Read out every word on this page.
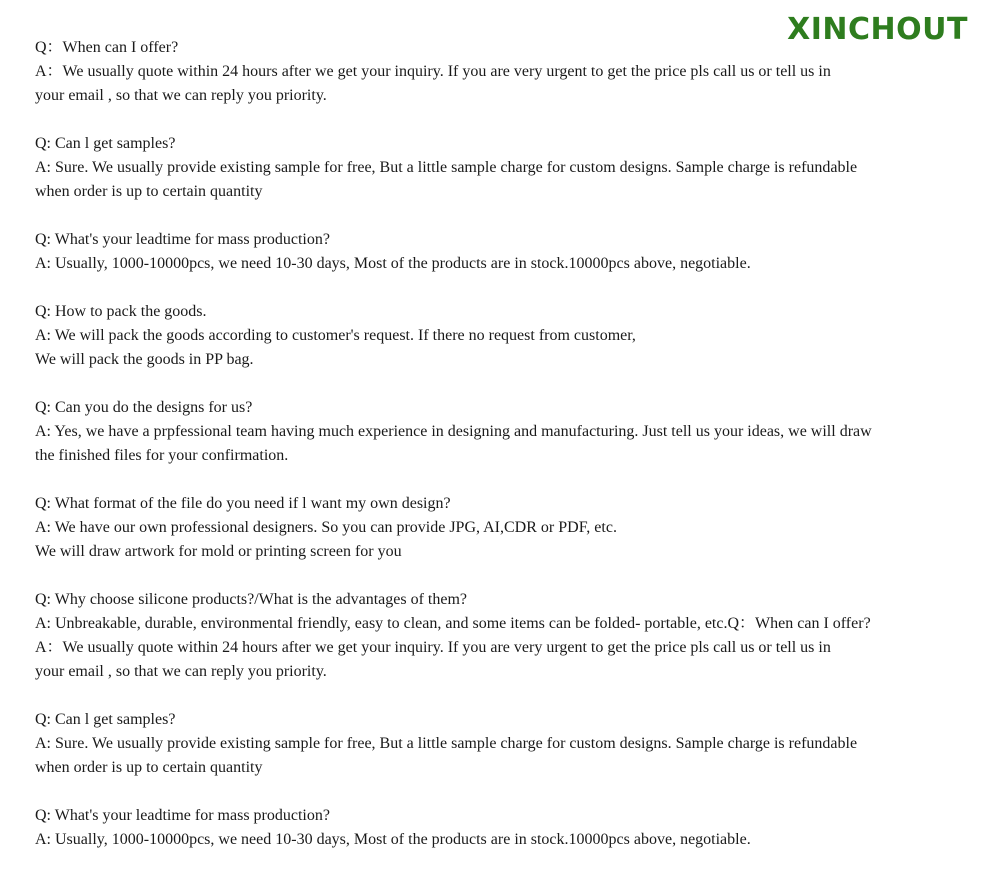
XINCHOUT
Q：When can I offer?
A：We usually quote within 24 hours after we get your inquiry. If you are very urgent to get the price pls call us or tell us in
your email , so that we can reply you priority.
Q: Can l get samples?
A: Sure. We usually provide existing sample for free, But a little sample charge for custom designs. Sample charge is refundable
when order is up to certain quantity
Q: What's your leadtime for mass production?
A: Usually, 1000-10000pcs, we need 10-30 days, Most of the products are in stock.10000pcs above, negotiable.
Q: How to pack the goods.
A: We will pack the goods according to customer's request. If there no request from customer,
We will pack the goods in PP bag.
Q: Can you do the designs for us?
A: Yes, we have a prpfessional team having much experience in designing and manufacturing. Just tell us your ideas, we will draw
the finished files for your confirmation.
Q: What format of the file do you need if l want my own design?
A: We have our own professional designers. So you can provide JPG, AI,CDR or PDF, etc.
We will draw artwork for mold or printing screen for you
Q: Why choose silicone products?/What is the advantages of them?
A: Unbreakable, durable, environmental friendly, easy to clean, and some items can be folded- portable, etc.Q：When can I offer?
A：We usually quote within 24 hours after we get your inquiry. If you are very urgent to get the price pls call us or tell us in
your email , so that we can reply you priority.
Q: Can l get samples?
A: Sure. We usually provide existing sample for free, But a little sample charge for custom designs. Sample charge is refundable
when order is up to certain quantity
Q: What's your leadtime for mass production?
A: Usually, 1000-10000pcs, we need 10-30 days, Most of the products are in stock.10000pcs above, negotiable.
